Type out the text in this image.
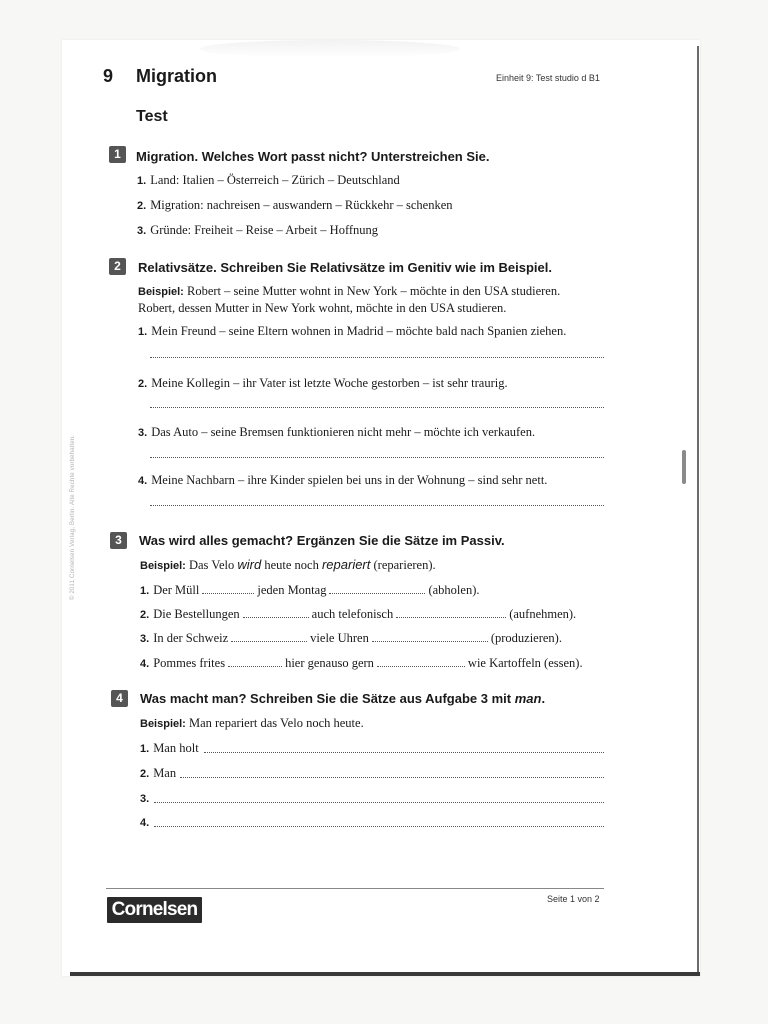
© 2011 Cornelsen Verlag, Berlin. Alle Rechte vorbehalten.
9 Migration	Einheit 9: Test studio d B1
Test
1	Migration. Welches Wort passt nicht? Unterstreichen Sie.
1. Land: Italien – Österreich – Zürich – Deutschland
2. Migration: nachreisen – auswandern – Rückkehr – schenken
3. Gründe: Freiheit – Reise – Arbeit – Hoffnung
2	Relativsätze. Schreiben Sie Relativsätze im Genitiv wie im Beispiel.
Beispiel: Robert – seine Mutter wohnt in New York – möchte in den USA studieren.
Robert, dessen Mutter in New York wohnt, möchte in den USA studieren.
1. Mein Freund – seine Eltern wohnen in Madrid – möchte bald nach Spanien ziehen.
2. Meine Kollegin – ihr Vater ist letzte Woche gestorben – ist sehr traurig.
3. Das Auto – seine Bremsen funktionieren nicht mehr – möchte ich verkaufen.
4. Meine Nachbarn – ihre Kinder spielen bei uns in der Wohnung – sind sehr nett.
3	Was wird alles gemacht? Ergänzen Sie die Sätze im Passiv.
Beispiel: Das Velo wird heute noch repariert (reparieren).
1. Der Müll	jeden Montag	(abholen).
2. Die Bestellungen	auch telefonisch	(aufnehmen).
3. In der Schweiz	viele Uhren	(produzieren).
4. Pommes frites	hier genauso gern	wie Kartoffeln (essen).
4	Was macht man? Schreiben Sie die Sätze aus Aufgabe 3 mit man.
Beispiel: Man repariert das Velo noch heute.
1. Man holt
2. Man
3.
4.
Cornelsen	Seite 1 von 2
